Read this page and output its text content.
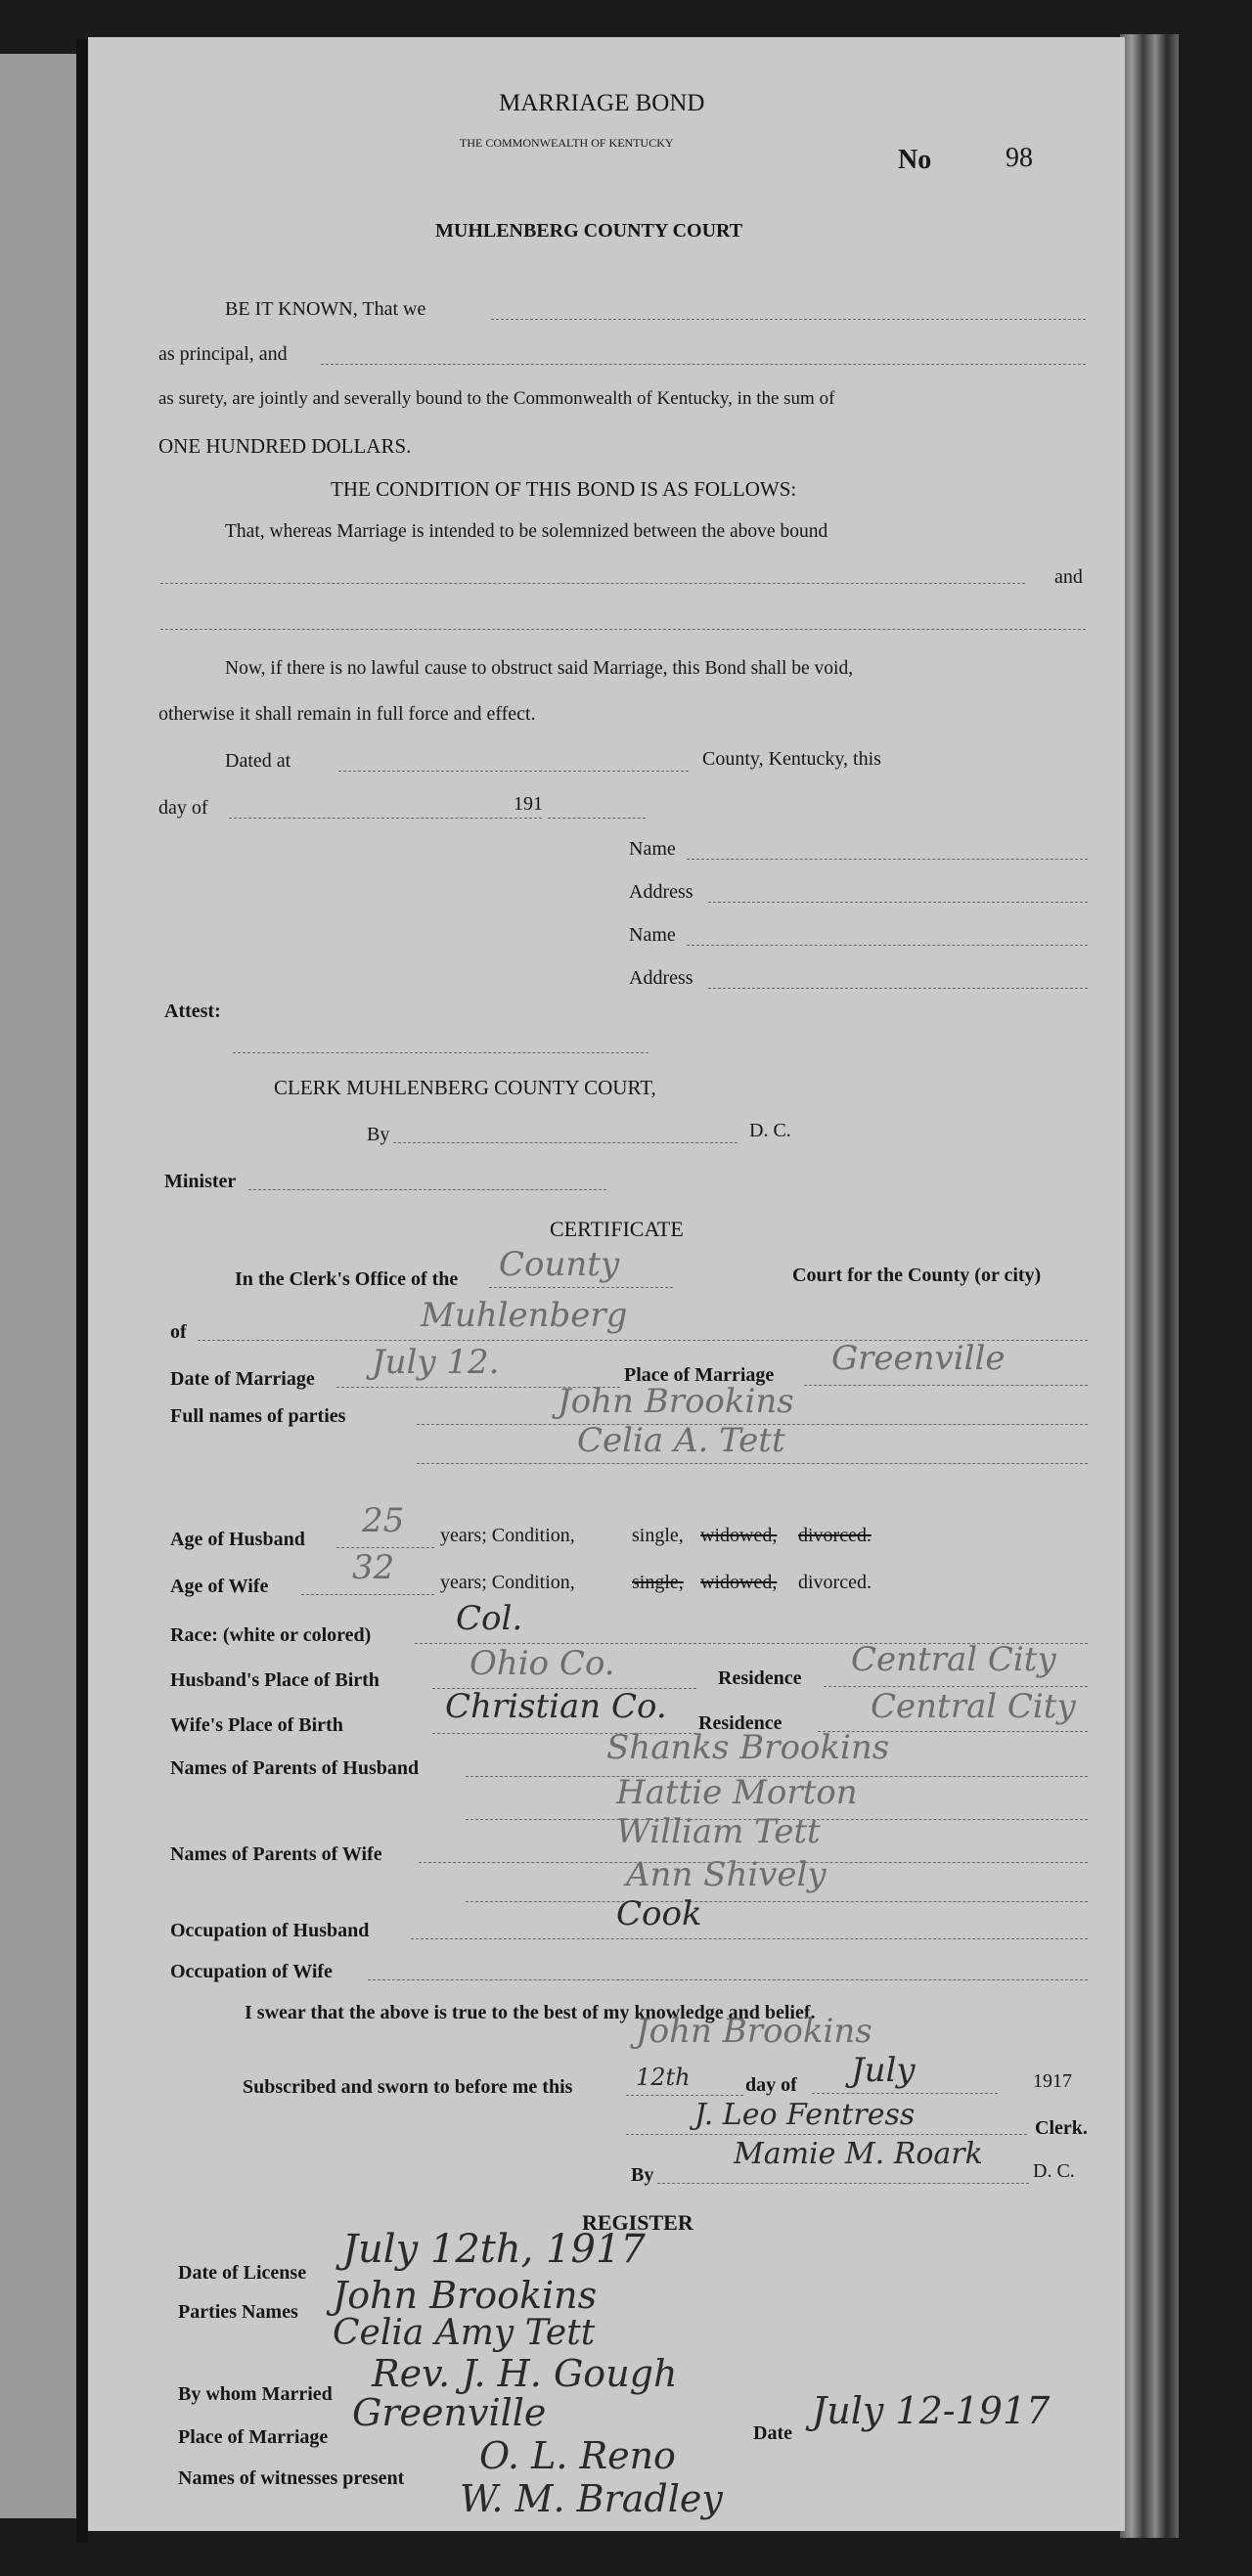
MARRIAGE BOND
THE COMMONWEALTH OF KENTUCKY
No	98
MUHLENBERG COUNTY COURT
BE IT KNOWN, That we
as principal, and
as surety, are jointly and severally bound to the Commonwealth of Kentucky, in the sum of
ONE HUNDRED DOLLARS.
THE CONDITION OF THIS BOND IS AS FOLLOWS:
That, whereas Marriage is intended to be solemnized between the above bound
and
Now, if there is no lawful cause to obstruct said Marriage, this Bond shall be void,
otherwise it shall remain in full force and effect.
Dated at	County, Kentucky, this
day of	191
Name
Address
Name
Address
Attest:
CLERK MUHLENBERG COUNTY COURT,
By	D. C.
Minister
CERTIFICATE
In the Clerk's Office of the County	Court for the County (or city)
of	Muhlenberg
Date of Marriage July 12.	Place of Marriage Greenville
Full names of parties	John Brookins
Celia A. Tett
Age of Husband 25 years; Condition,	single, widowed, divorced.
Age of Wife	32 years; Condition,	single, widowed, divorced.
Race: (white or colored)	Col.
Husband's Place of Birth	Ohio Co.	Residence Central City
Wife's Place of Birth	Christian Co. Residence	Central City
Names of Parents of Husband
Shanks Brookins
Hattie Morton
Names of Parents of Wife
William Tett
Ann Shively
Occupation of Husband	Cook
Occupation of Wife
I swear that the above is true to the best of my knowledge and belief.
John Brookins
Subscribed and sworn to before me this	12th	day of July	1917
J. Leo Fentress	Clerk.
By
Mamie M. Roark	D. C.
REGISTER
Date of License
July 12th, 1917
Parties Names John Brookins
Celia Amy Tett
By whom Married Rev. J. H. Gough
Place of Marriage
Greenville	Date
July 12-1917
Names of witnesses present
O. L. Reno
W. M. Bradley
